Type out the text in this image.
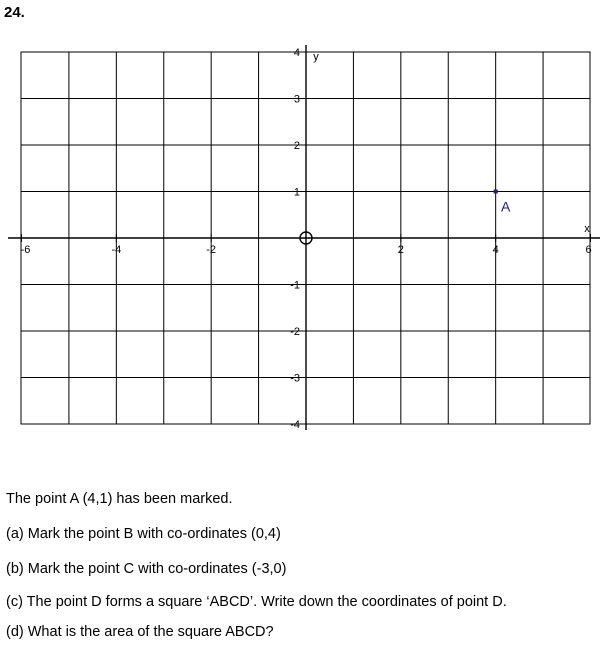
24.
-6	-4	-2	2	4	6
4
3
2
1
-1
-2
-3
-4
x
y
A
The point A (4,1) has been marked.
(a) Mark the point B with co-ordinates (0,4)
(b) Mark the point C with co-ordinates (-3,0)
(c) The point D forms a square ‘ABCD’. Write down the coordinates of point D.
(d) What is the area of the square ABCD?
